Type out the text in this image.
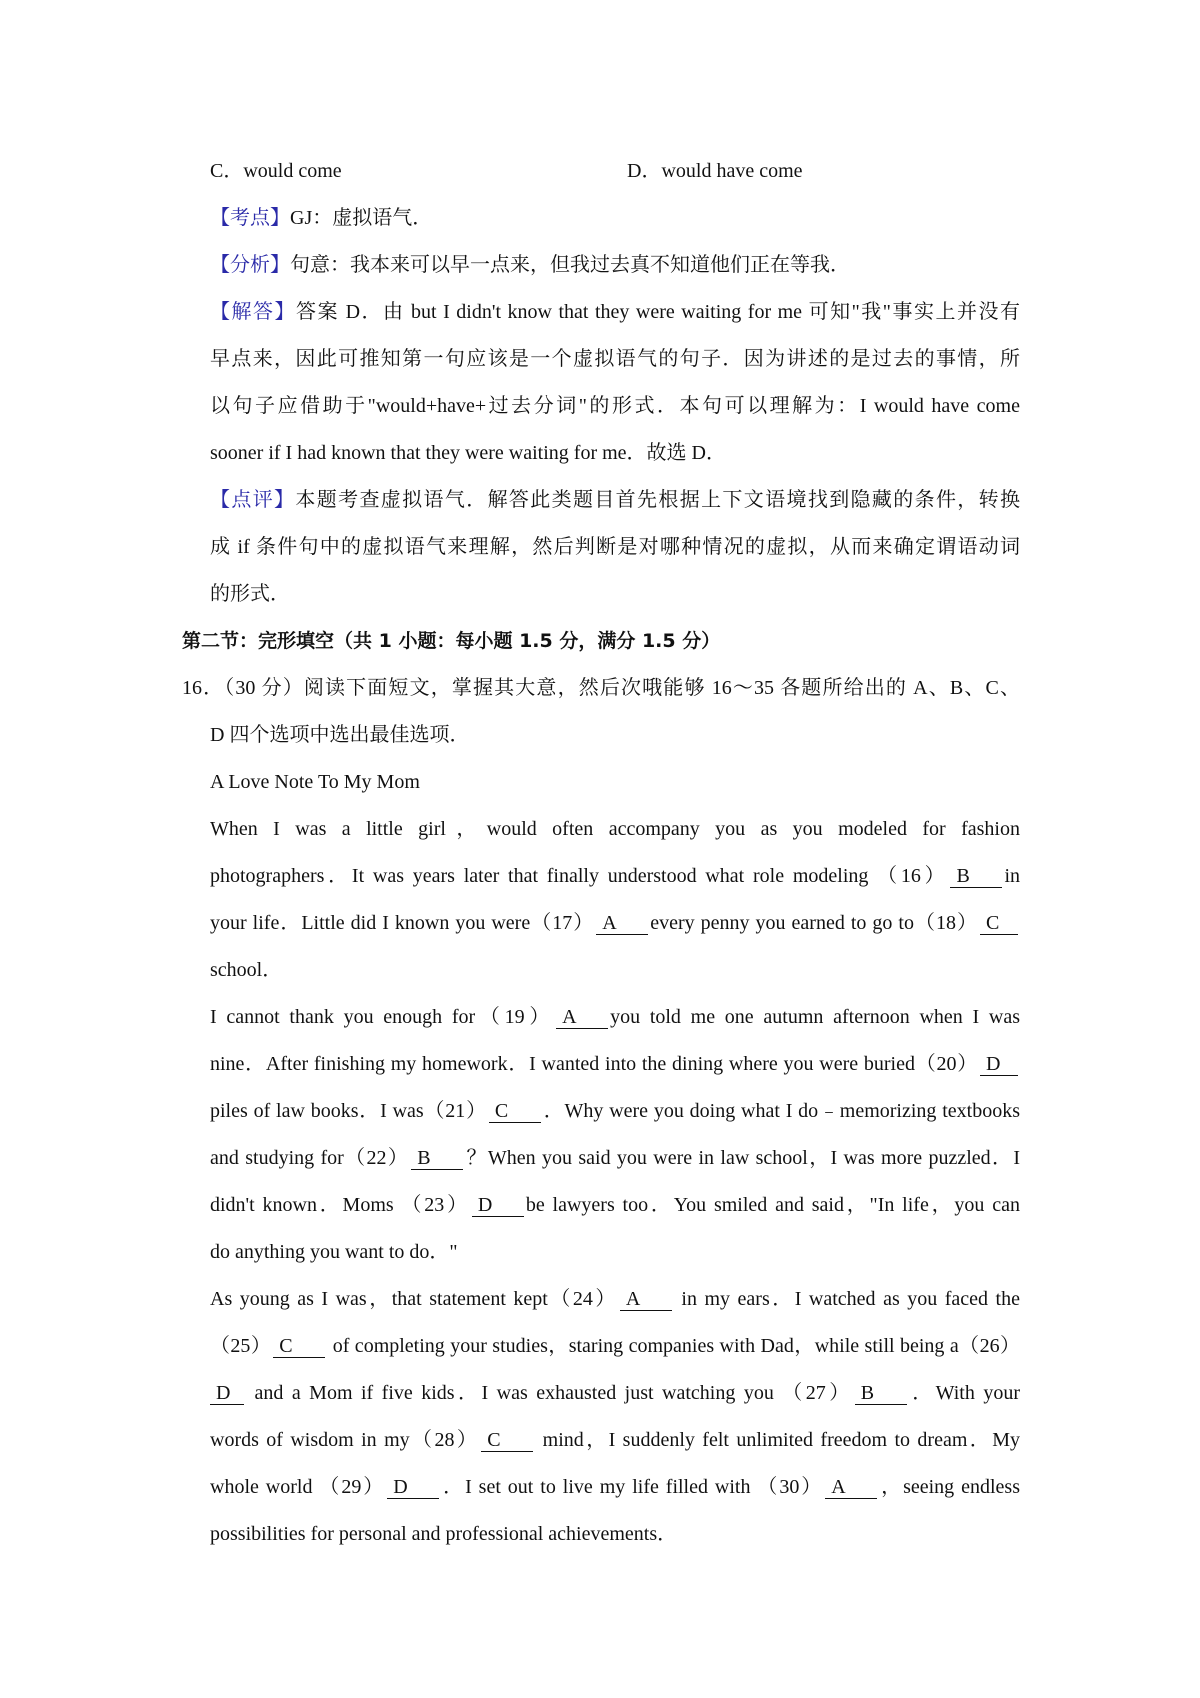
C．would come	D．would have come
【考点】GJ：虚拟语气．
【分析】句意：我本来可以早一点来，但我过去真不知道他们正在等我．
【解答】答案 D．由 but I didn't know that they were waiting for me 可知"我"事实上并没有
早点来，因此可推知第一句应该是一个虚拟语气的句子．因为讲述的是过去的事情，所
以句子应借助于"would+have+过去分词"的形式．本句可以理解为：I would have come
sooner if I had known that they were waiting for me．故选 D．
【点评】本题考查虚拟语气．解答此类题目首先根据上下文语境找到隐藏的条件，转换
成 if 条件句中的虚拟语气来理解，然后判断是对哪种情况的虚拟，从而来确定谓语动词
的形式．
第二节：完形填空（共 1 小题：每小题 1.5 分，满分 1.5 分）
16．（30 分）阅读下面短文，掌握其大意，然后次哦能够 16～35 各题所给出的 A、B、C、
D 四个选项中选出最佳选项．
A Love Note To My Mom
When I was a little girl，would often accompany you as you modeled for fashion
photographers．It was years later that finally understood what role modeling （16） B in
your life．Little did I known you were（17） A every penny you earned to go to（18） C
school．
I cannot thank you enough for（19） A you told me one autumn afternoon when I was
nine．After finishing my homework．I wanted into the dining where you were buried（20） D
piles of law books．I was（21） C ．Why were you doing what I do﹣memorizing textbooks
and studying for（22） B ？When you said you were in law school，I was more puzzled．I
didn't known．Moms （23） D be lawyers too．You smiled and said，"In life，you can
do anything you want to do．"
As young as I was，that statement kept（24） A in my ears．I watched as you faced the
（25） C of completing your studies，staring companies with Dad，while still being a（26）
D and a Mom if five kids．I was exhausted just watching you （27） B ．With your
words of wisdom in my（28） C mind，I suddenly felt unlimited freedom to dream．My
whole world （29） D ．I set out to live my life filled with （30） A ，seeing endless
possibilities for personal and professional achievements．
